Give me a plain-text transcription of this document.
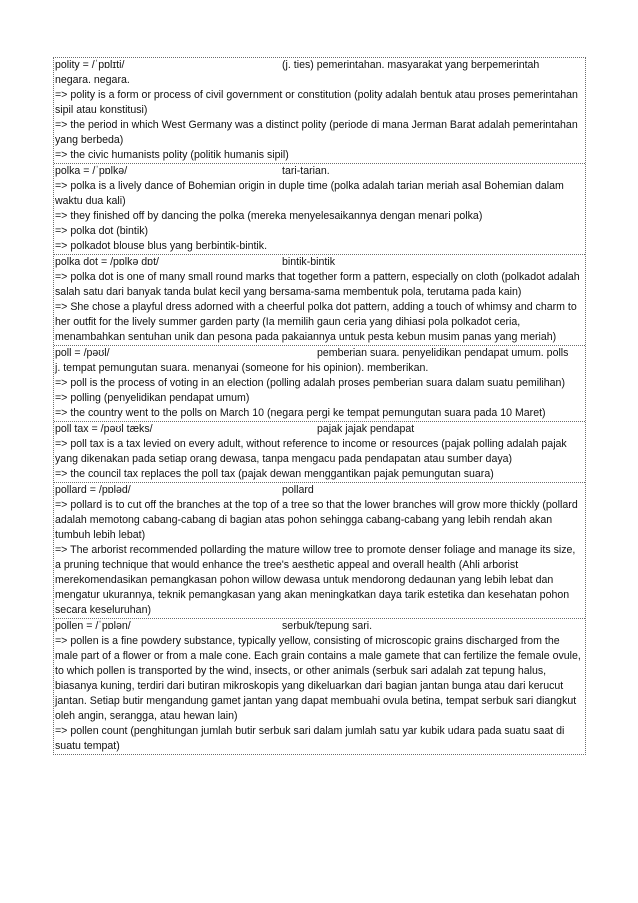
polity = /ˈpɒlɪti/	(j. ties) pemerintahan. masyarakat yang berpemerintah
negara. negara.
=> polity is a form or process of civil government or constitution (polity adalah bentuk atau proses pemerintahan sipil atau konstitusi)
=> the period in which West Germany was a distinct polity (periode di mana Jerman Barat adalah pemerintahan yang berbeda)
=> the civic humanists polity (politik humanis sipil)
polka = /ˈpɒlkə/	tari-tarian.
=> polka is a lively dance of Bohemian origin in duple time (polka adalah tarian meriah asal Bohemian dalam waktu dua kali)
=> they finished off by dancing the polka (mereka menyelesaikannya dengan menari polka)
=> polka dot (bintik)
=> polkadot blouse blus yang berbintik-bintik.
polka dot = /pɒlkə dɒt/	bintik-bintik
=> polka dot is one of many small round marks that together form a pattern, especially on cloth (polkadot adalah salah satu dari banyak tanda bulat kecil yang bersama-sama membentuk pola, terutama pada kain)
=> She chose a playful dress adorned with a cheerful polka dot pattern, adding a touch of whimsy and charm to her outfit for the lively summer garden party (Ia memilih gaun ceria yang dihiasi pola polkadot ceria, menambahkan sentuhan unik dan pesona pada pakaiannya untuk pesta kebun musim panas yang meriah)
poll = /pəʊl/	pemberian suara. penyelidikan pendapat umum. polls
j. tempat pemungutan suara. menanyai (someone for his opinion). memberikan.
=> poll is the process of voting in an election (polling adalah proses pemberian suara dalam suatu pemilihan)
=> polling (penyelidikan pendapat umum)
=> the country went to the polls on March 10 (negara pergi ke tempat pemungutan suara pada 10 Maret)
poll tax = /pəʊl tæks/	pajak jajak pendapat
=> poll tax is a tax levied on every adult, without reference to income or resources (pajak polling adalah pajak yang dikenakan pada setiap orang dewasa, tanpa mengacu pada pendapatan atau sumber daya)
=> the council tax replaces the poll tax (pajak dewan menggantikan pajak pemungutan suara)
pollard = /pɒləd/	pollard
=> pollard is to cut off the branches at the top of a tree so that the lower branches will grow more thickly (pollard adalah memotong cabang-cabang di bagian atas pohon sehingga cabang-cabang yang lebih rendah akan tumbuh lebih lebat)
=> The arborist recommended pollarding the mature willow tree to promote denser foliage and manage its size, a pruning technique that would enhance the tree's aesthetic appeal and overall health (Ahli arborist merekomendasikan pemangkasan pohon willow dewasa untuk mendorong dedaunan yang lebih lebat dan mengatur ukurannya, teknik pemangkasan yang akan meningkatkan daya tarik estetika dan kesehatan pohon secara keseluruhan)
pollen = /ˈpɒlən/	serbuk/tepung sari.
=> pollen is a fine powdery substance, typically yellow, consisting of microscopic grains discharged from the male part of a flower or from a male cone. Each grain contains a male gamete that can fertilize the female ovule, to which pollen is transported by the wind, insects, or other animals (serbuk sari adalah zat tepung halus, biasanya kuning, terdiri dari butiran mikroskopis yang dikeluarkan dari bagian jantan bunga atau dari kerucut jantan. Setiap butir mengandung gamet jantan yang dapat membuahi ovula betina, tempat serbuk sari diangkut oleh angin, serangga, atau hewan lain)
=> pollen count (penghitungan jumlah butir serbuk sari dalam jumlah satu yar kubik udara pada suatu saat di suatu tempat)
